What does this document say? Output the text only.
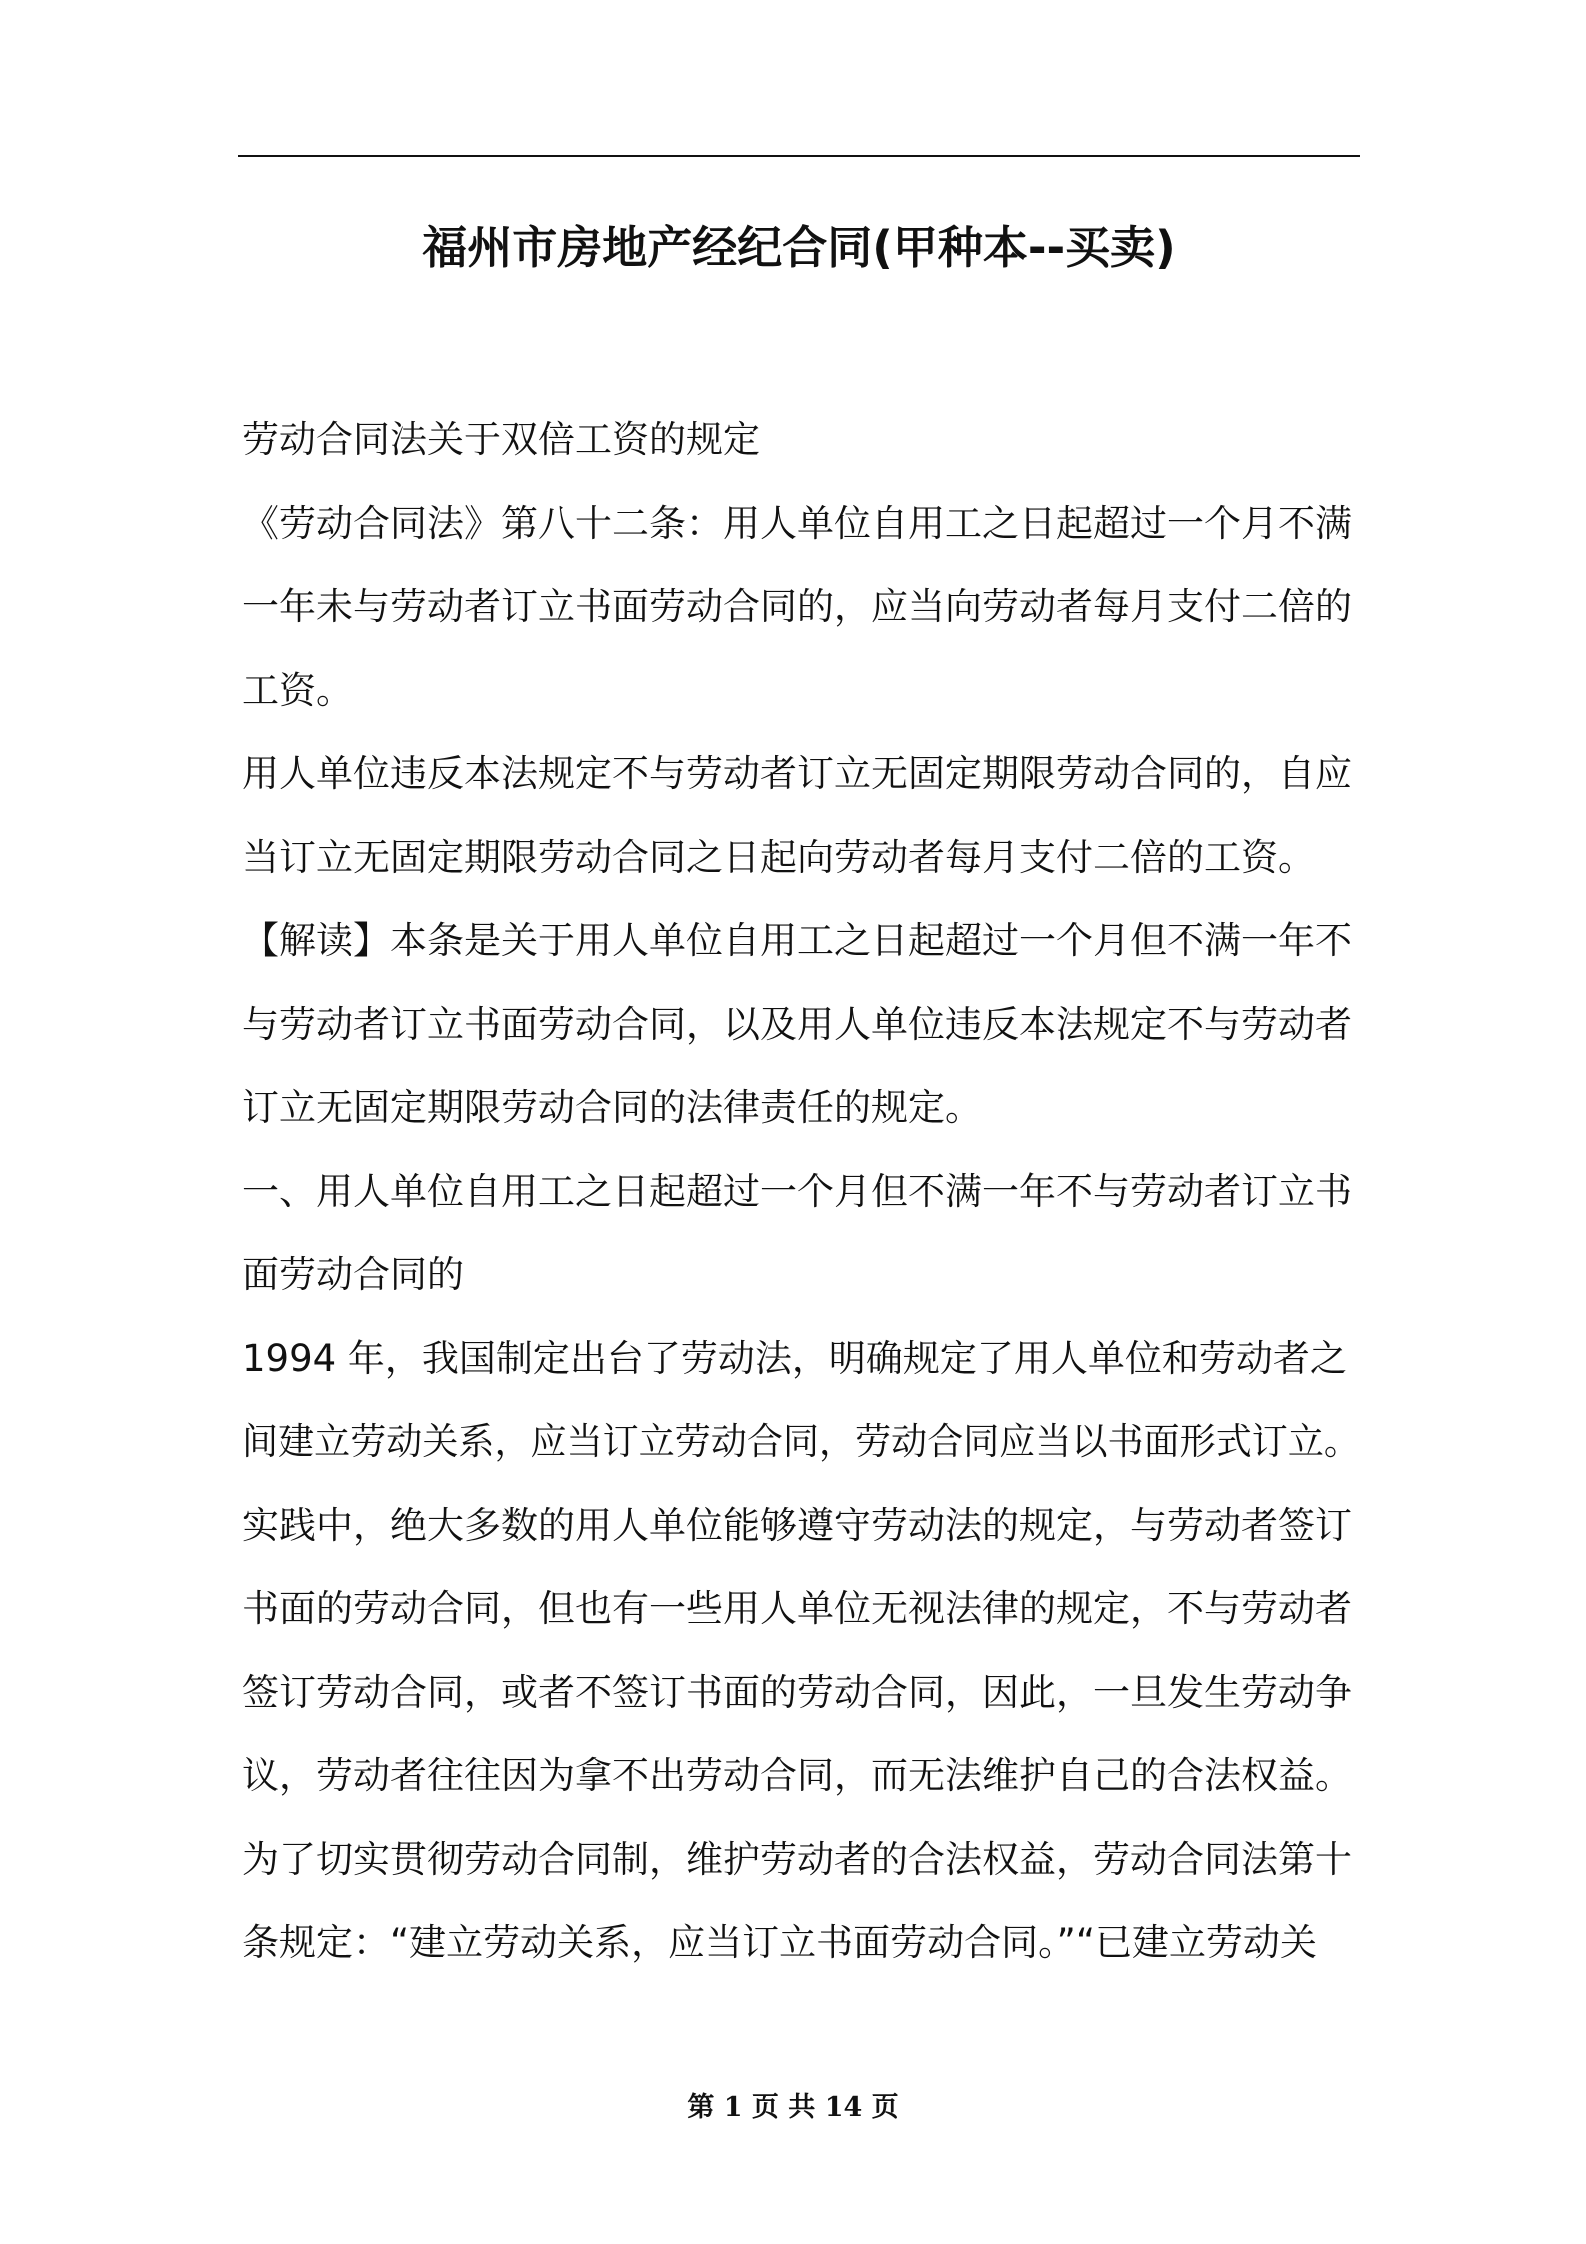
福州市房地产经纪合同(甲种本--买卖)
劳动合同法关于双倍工资的规定
《劳动合同法》第八十二条：用人单位自用工之日起超过一个月不满
一年未与劳动者订立书面劳动合同的，应当向劳动者每月支付二倍的
工资。
用人单位违反本法规定不与劳动者订立无固定期限劳动合同的，自应
当订立无固定期限劳动合同之日起向劳动者每月支付二倍的工资。
【解读】本条是关于用人单位自用工之日起超过一个月但不满一年不
与劳动者订立书面劳动合同，以及用人单位违反本法规定不与劳动者
订立无固定期限劳动合同的法律责任的规定。
一、用人单位自用工之日起超过一个月但不满一年不与劳动者订立书
面劳动合同的
1994 年，我国制定出台了劳动法，明确规定了用人单位和劳动者之
间建立劳动关系，应当订立劳动合同，劳动合同应当以书面形式订立。
实践中，绝大多数的用人单位能够遵守劳动法的规定，与劳动者签订
书面的劳动合同，但也有一些用人单位无视法律的规定，不与劳动者
签订劳动合同，或者不签订书面的劳动合同，因此，一旦发生劳动争
议，劳动者往往因为拿不出劳动合同，而无法维护自己的合法权益。
为了切实贯彻劳动合同制，维护劳动者的合法权益，劳动合同法第十
条规定：“建立劳动关系，应当订立书面劳动合同。”“已建立劳动关
第 1 页 共 14 页
